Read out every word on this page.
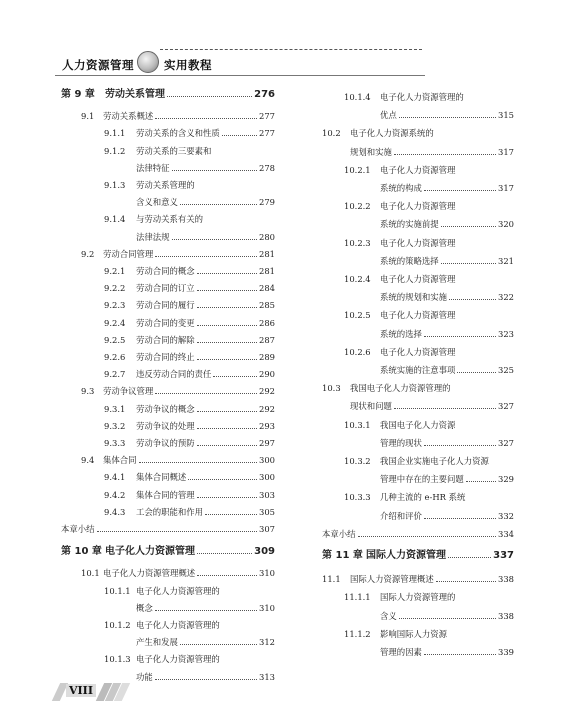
人力资源管理	实用教程
第 9 章	劳动关系管理	276
9.1	劳动关系概述	277
9.1.1	劳动关系的含义和性质	277
9.1.2	劳动关系的三要素和
法律特征	278
9.1.3	劳动关系管理的
含义和意义	279
9.1.4	与劳动关系有关的
法律法规	280
9.2	劳动合同管理	281
9.2.1	劳动合同的概念	281
9.2.2	劳动合同的订立	284
9.2.3	劳动合同的履行	285
9.2.4	劳动合同的变更	286
9.2.5	劳动合同的解除	287
9.2.6	劳动合同的终止	289
9.2.7	违反劳动合同的责任	290
9.3	劳动争议管理	292
9.3.1	劳动争议的概念	292
9.3.2	劳动争议的处理	293
9.3.3	劳动争议的预防	297
9.4	集体合同	300
9.4.1	集体合同概述	300
9.4.2	集体合同的管理	303
9.4.3	工会的职能和作用	305
本章小结	307
第 10 章 电子化人力资源管理	309
10.1 电子化人力资源管理概述	310
10.1.1 电子化人力资源管理的
概念	310
10.1.2 电子化人力资源管理的
产生和发展	312
10.1.3 电子化人力资源管理的
功能	313
10.1.4	电子化人力资源管理的
优点	315
10.2	电子化人力资源系统的
规划和实施	317
10.2.1	电子化人力资源管理
系统的构成	317
10.2.2	电子化人力资源管理
系统的实施前提	320
10.2.3	电子化人力资源管理
系统的策略选择	321
10.2.4	电子化人力资源管理
系统的规划和实施	322
10.2.5	电子化人力资源管理
系统的选择	323
10.2.6	电子化人力资源管理
系统实施的注意事项	325
10.3	我国电子化人力资源管理的
现状和问题	327
10.3.1	我国电子化人力资源
管理的现状	327
10.3.2	我国企业实施电子化人力资源
管理中存在的主要问题	329
10.3.3	几种主流的 e-HR 系统
介绍和评价	332
本章小结	334
第 11 章 国际人力资源管理	337
11.1	国际人力资源管理概述	338
11.1.1	国际人力资源管理的
含义	338
11.1.2	影响国际人力资源
管理的因素	339
VIII
